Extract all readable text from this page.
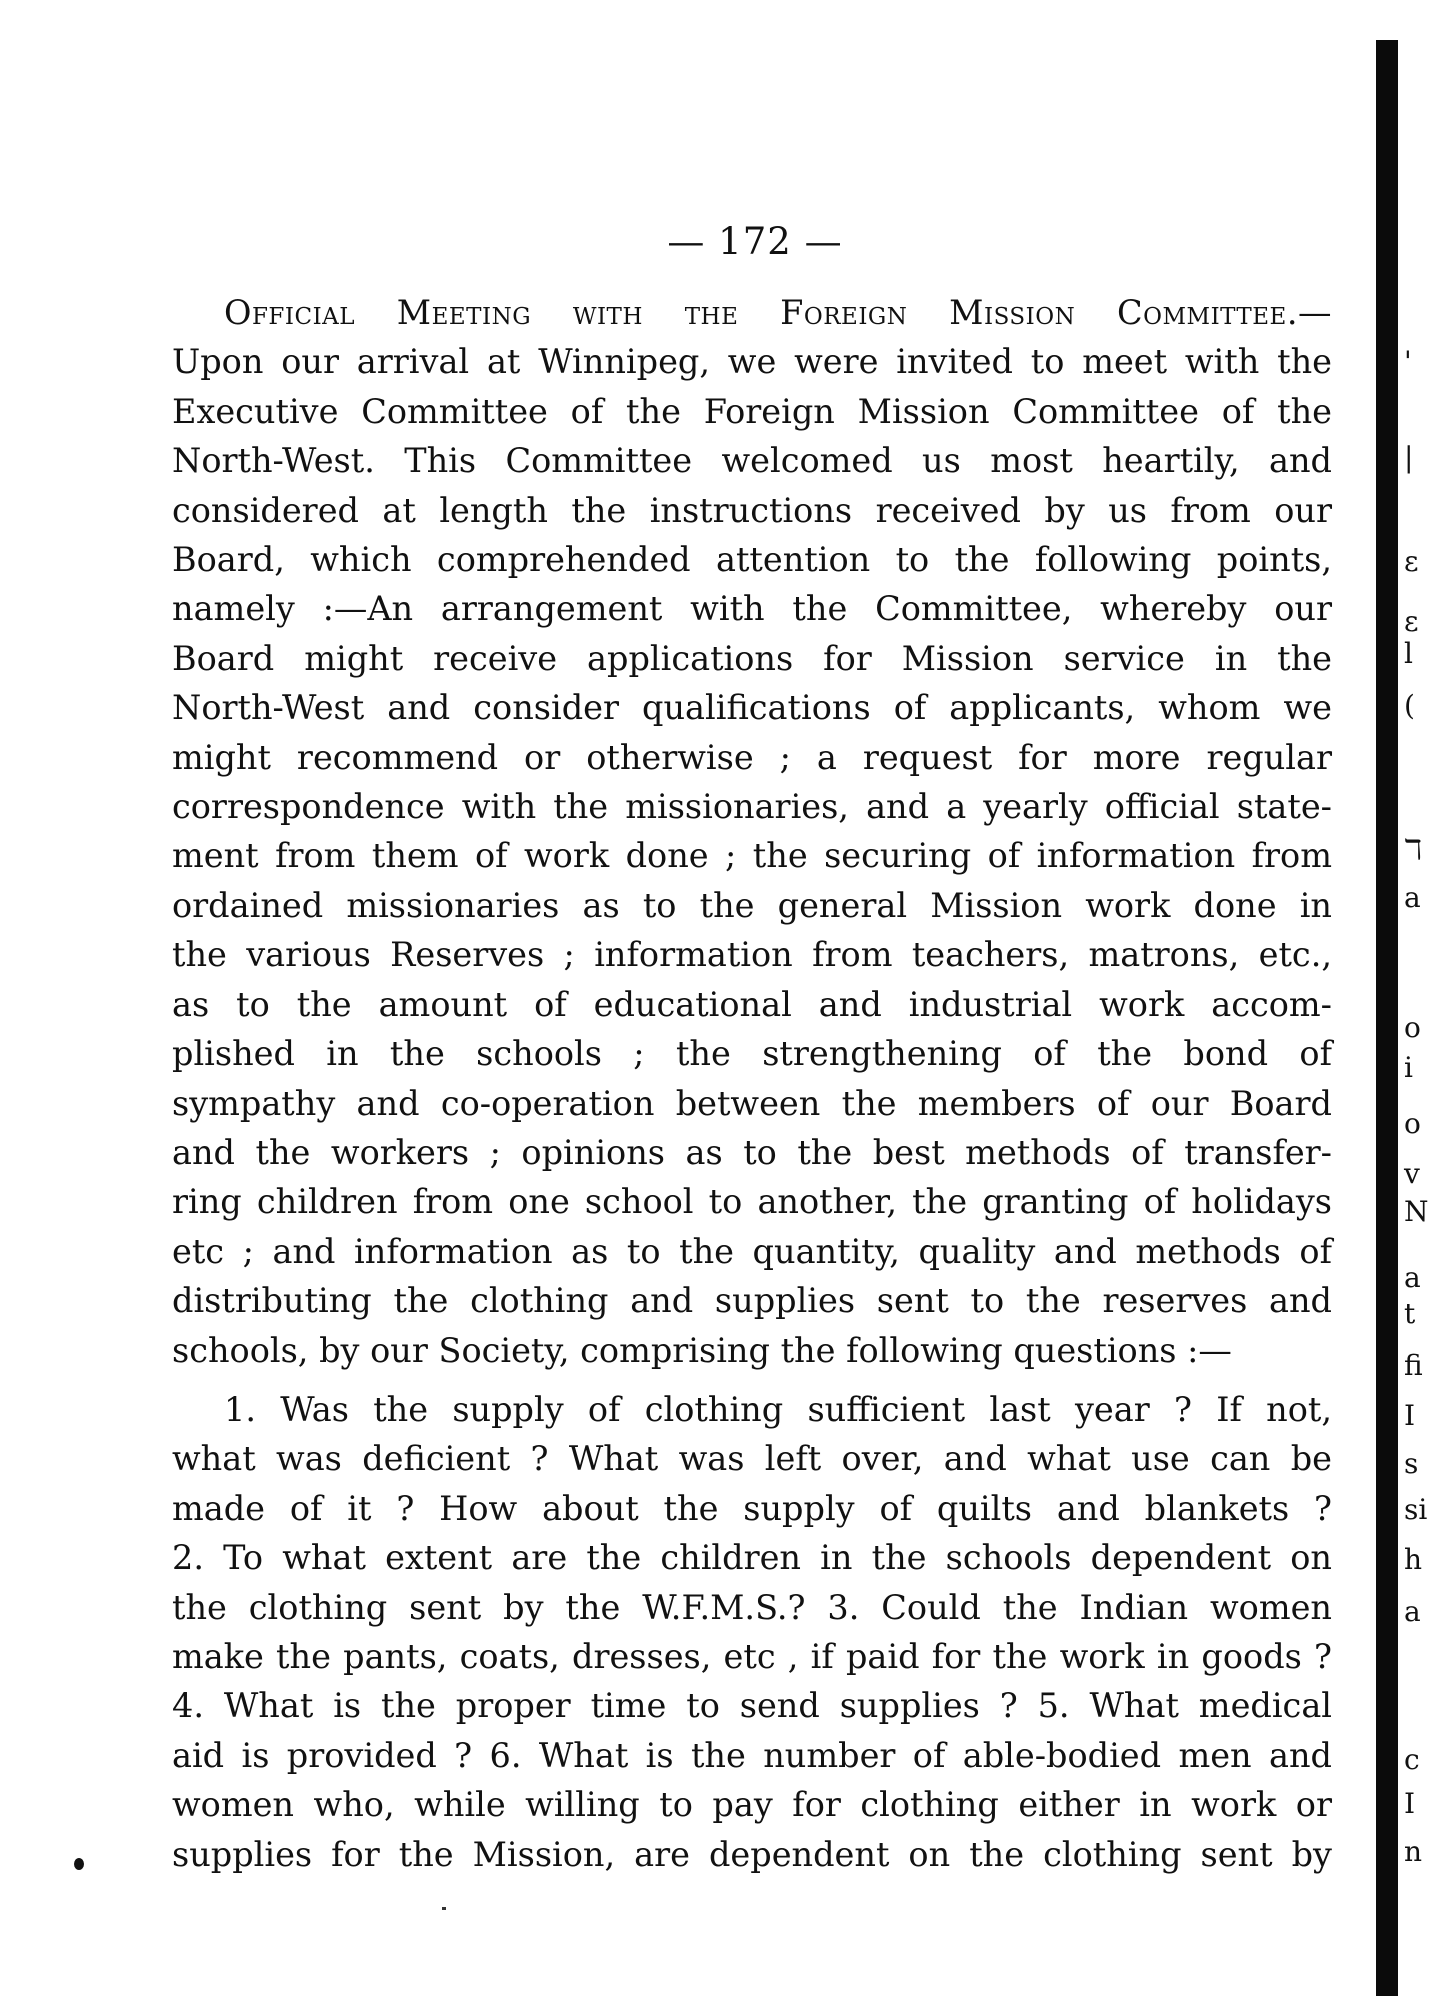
— 172 —
Official Meeting with the Foreign Mission Committee.—
Upon our arrival at Winnipeg, we were invited to meet with the
Executive Committee of the Foreign Mission Committee of the
North-West. This Committee welcomed us most heartily, and
considered at length the instructions received by us from our
Board, which comprehended attention to the following points,
namely :—An arrangement with the Committee, whereby our
Board might receive applications for Mission service in the
North-West and consider qualifications of applicants, whom we
might recommend or otherwise ; a request for more regular
correspondence with the missionaries, and a yearly official state-
ment from them of work done ; the securing of information from
ordained missionaries as to the general Mission work done in
the various Reserves ; information from teachers, matrons, etc.,
as to the amount of educational and industrial work accom-
plished in the schools ; the strengthening of the bond of
sympathy and co-operation between the members of our Board
and the workers ; opinions as to the best methods of transfer-
ring children from one school to another, the granting of holidays
etc ; and information as to the quantity, quality and methods of
distributing the clothing and supplies sent to the reserves and
schools, by our Society, comprising the following questions :—
1. Was the supply of clothing sufficient last year ? If not,
what was deficient ? What was left over, and what use can be
made of it ? How about the supply of quilts and blankets ?
2. To what extent are the children in the schools dependent on
the clothing sent by the W.F.M.S.? 3. Could the Indian women
make the pants, coats, dresses, etc , if paid for the work in goods ?
4. What is the proper time to send supplies ? 5. What medical
aid is provided ? 6. What is the number of able-bodied men and
women who, while willing to pay for clothing either in work or
supplies for the Mission, are dependent on the clothing sent by
'
|
ɛ
ɛ
l
(
ℸ
a
o
i
o
v
N
a
t
fi
I
s
si
h
a
c
I
n
